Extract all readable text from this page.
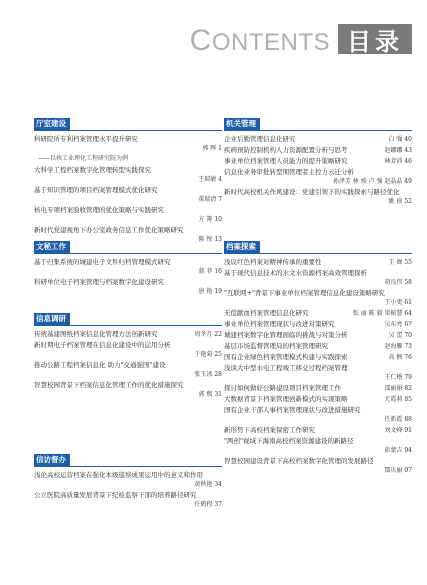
CONTENTS 目录
厅室建设
科研院所专利档案管理水平提升研究
郭 晖 1
——以核工业理化工程研究院为例
大科学工程档案数字化管理转型实践探究
王瑞敏 4
基于知识管理的项目档案管理模式优化研究
董瑞清 7
核电专项档案验收管理的优化策略与实践研究
方 箐 10
新时代党建视角下办公室政务信息工作优化策略研究
陈 悦 13
文秘工作
基于归集系统的城建电子文件归档管理模式研究
蔣 菲 16
科研单位电子档案管理与档案数字化建设研究
唐 艳 19
信息调研
传统基建图纸档案信息化管理方法创新研究	周冬月 22
新时期电子档案管理在信息化建设中的运用分析
于艳菊 25
推动公路工程档案信息化 助力"交通强国"建设
张玉冰 28
智慧校园背景下档案信息化管理工作的优化措施探究
郭 熙 31
信访督办
浅论高校运营档案在强化本级巡察成果运用中的意义和作用
黄秋艳 34
公立医院高质量发展背景下纪检监察干部的培养路径研究
任鹤程 37
机关管理
企业后勤管理信息化研究	白 强 40
疾病预防控制机构人力资源配置分析与思考	赵娜娜 43
事业单位档案管理人员能力的提升策略研究	林芳沛 46
信息化业务审批转型期管理者主控力云迁分析
孙泽芳 林 竣 卢 强 赵晶晶 49
新时代高校机关作风建设：党建引领下的实践探索与路径优化
姚 徐 52
档案探索
浅议红色档案对精神传承的重要性	王 婵 55
基于现代信息技术的水文水资源档案高效管理探析
胡良伟 58
"互联网+"背景下事业单位档案管理信息化建设策略研究
王小更 61
无偿献血档案管理信息化研究	张 丽 陈 毅 梁振慧 64
事业单位档案管理现状与改进对策研究	吴东亮 67
城建档案数字化管理面临的挑战与对策分析	吴 蕾 70
基层市场监督管理局的档案管理研究	赵海雁 73
国有企业绿色档案管理模式构建与实践探索	高 枫 76
浅谈大中型水电工程竣工移交过程档案管理
王仁楷 79
探讨如何做好公路建设项目档案管理工作	邵丽娟 82
大数据背景下档案管理创新模式的实现策略	尤霞莉 85
国有企业干部人事档案管理现状与改进措施研究
任新霞 88
新形势下高校档案保密工作研究	刘文峰 91
"两创"视域下海南高校档案资源建设的新路径
彭蒙吉 94
智慧校园建设背景下高校档案数字化管理的发展路径
鄢庆丽 97
